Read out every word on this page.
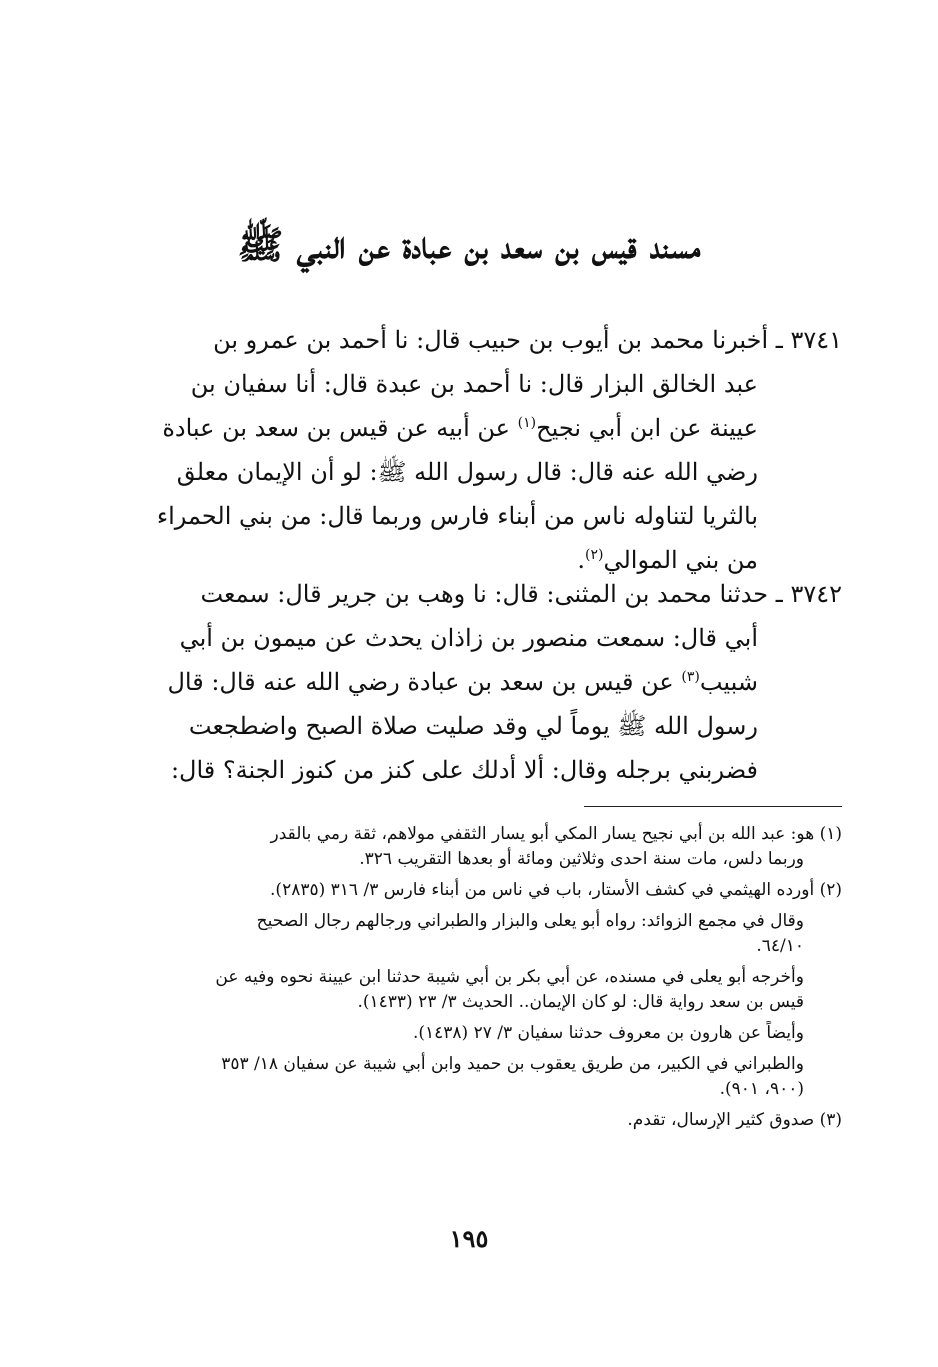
مسند قيس بن سعد بن عبادة عن النبي ﷺ
٣٧٤١ ـ أخبرنا محمد بن أيوب بن حبيب قال: نا أحمد بن عمرو بن
عبد الخالق البزار قال: نا أحمد بن عبدة قال: أنا سفيان بن
عيينة عن ابن أبي نجيح$^{(١)}$ عن أبيه عن قيس بن سعد بن عبادة
رضي الله عنه قال: قال رسول الله ﷺ: لو أن الإيمان معلق
بالثريا لتناوله ناس من أبناء فارس وربما قال: من بني الحمراء
من بني الموالي$^{(٢)}$.
٣٧٤٢ ـ حدثنا محمد بن المثنى: قال: نا وهب بن جرير قال: سمعت
أبي قال: سمعت منصور بن زاذان يحدث عن ميمون بن أبي
شبيب$^{(٣)}$ عن قيس بن سعد بن عبادة رضي الله عنه قال: قال
رسول الله ﷺ يوماً لي وقد صليت صلاة الصبح واضطجعت
فضربني برجله وقال: ألا أدلك على كنز من كنوز الجنة؟ قال:
(١) هو: عبد الله بن أبي نجيح يسار المكي أبو يسار الثقفي مولاهم، ثقة رمي بالقدر
وربما دلس، مات سنة احدى وثلاثين ومائة أو بعدها التقريب ٣٢٦.
(٢) أورده الهيثمي في كشف الأستار، باب في ناس من أبناء فارس ٣/ ٣١٦ (٢٨٣٥).
وقال في مجمع الزوائد: رواه أبو يعلى والبزار والطبراني ورجالهم رجال الصحيح
٦٤/١٠.
وأخرجه أبو يعلى في مسنده، عن أبي بكر بن أبي شيبة حدثنا ابن عيينة نحوه وفيه عن
قيس بن سعد رواية قال: لو كان الإيمان.. الحديث ٣/ ٢٣ (١٤٣٣).
وأيضاً عن هارون بن معروف حدثنا سفيان ٣/ ٢٧ (١٤٣٨).
والطبراني في الكبير، من طريق يعقوب بن حميد وابن أبي شيبة عن سفيان ١٨/ ٣٥٣
(٩٠٠، ٩٠١).
(٣) صدوق كثير الإرسال، تقدم.
١٩٥
